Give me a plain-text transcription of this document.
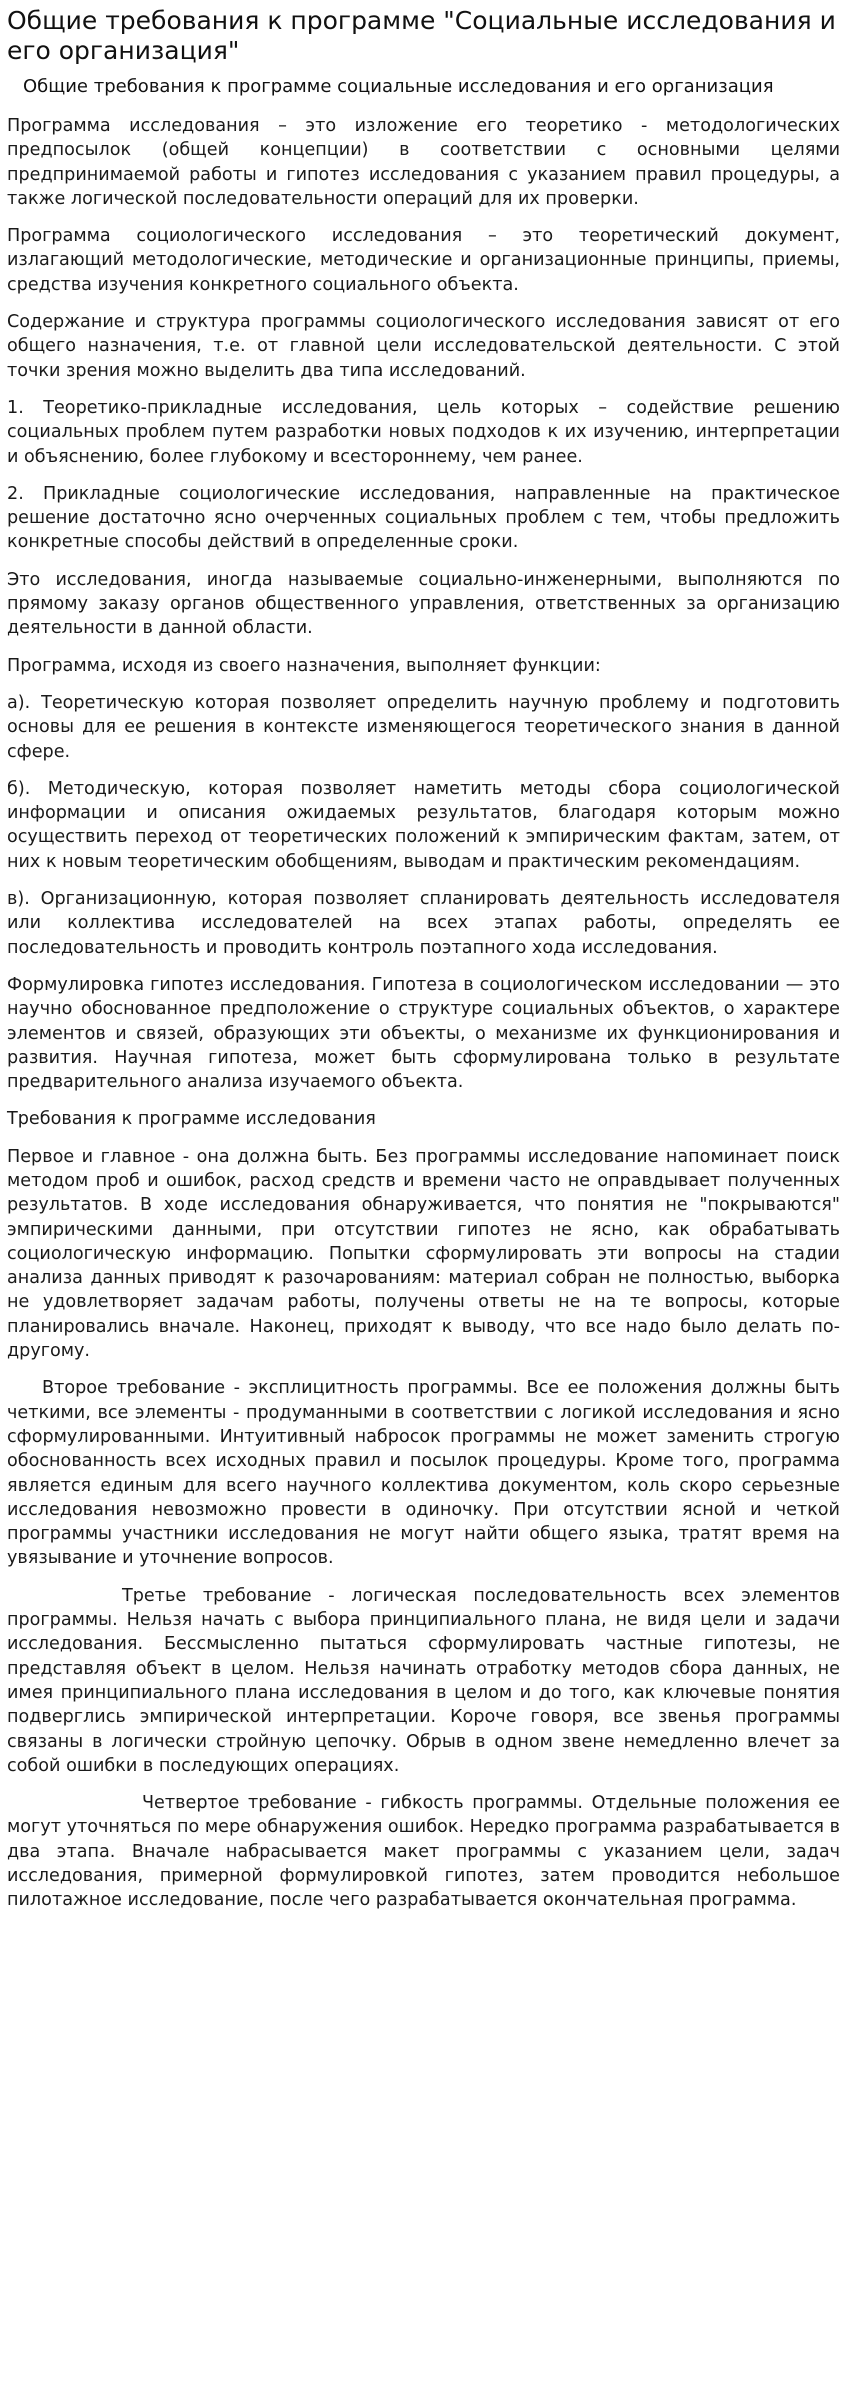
Общие требования к программе "Социальные исследования и его организация"
Общие требования к программе социальные исследования и его организация

Программа исследования – это изложение его теоретико - методологических предпосылок (общей концепции) в соответствии с основными целями предпринимаемой работы и гипотез исследования с указанием правил процедуры, а также логической последовательности операций для их проверки.

Программа социологического исследования – это теоретический документ, излагающий методологические, методические и организационные принципы, приемы, средства изучения конкретного социального объекта.

Содержание и структура программы социологического исследования зависят от его общего назначения, т.е. от главной цели исследовательской деятельности. С этой точки зрения можно выделить два типа исследований.

1. Теоретико-прикладные исследования, цель которых – содействие решению социальных проблем путем разработки новых подходов к их изучению, интерпретации и объяснению, более глубокому и всестороннему, чем ранее.

2. Прикладные социологические исследования, направленные на практическое решение достаточно ясно очерченных социальных проблем с тем, чтобы предложить конкретные способы действий в определенные сроки.

Это исследования, иногда называемые социально-инженерными, выполняются по прямому заказу органов общественного управления, ответственных за организацию деятельности в данной области.

Программа, исходя из своего назначения, выполняет функции:

а). Теоретическую которая позволяет определить научную проблему и подготовить основы для ее решения в контексте изменяющегося теоретического знания в данной сфере.

б). Методическую, которая позволяет наметить методы сбора социологической информации и описания ожидаемых результатов, благодаря которым можно осуществить переход от теоретических положений к эмпирическим фактам, затем, от них к новым теоретическим обобщениям, выводам и практическим рекомендациям.

в). Организационную, которая позволяет спланировать деятельность исследователя или коллектива исследователей на всех этапах работы, определять ее последовательность и проводить контроль поэтапного хода исследования.

Формулировка гипотез исследования. Гипотеза в социологическом исследовании — это научно обоснованное предположение о структуре социальных объектов, о характере элементов и связей, образующих эти объекты, о механизме их функционирования и развития. Научная гипотеза, может быть сформулирована только в результате предварительного анализа изучаемого объекта.

Требования к программе исследования

Первое и главное - она должна быть. Без программы исследование напоминает поиск методом проб и ошибок, расход средств и времени часто не оправдывает полученных результатов. В ходе исследования обнаруживается, что понятия не "покрываются" эмпирическими данными, при отсутствии гипотез не ясно, как обрабатывать социологическую информацию. Попытки сформулировать эти вопросы на стадии анализа данных приводят к разочарованиям: материал собран не полностью, выборка не удовлетворяет задачам работы, получены ответы не на те вопросы, которые планировались вначале. Наконец, приходят к выводу, что все надо было делать по-другому.

Второе требование - эксплицитность программы. Все ее положения должны быть четкими, все элементы - продуманными в соответствии с логикой исследования и ясно сформулированными. Интуитивный набросок программы не может заменить строгую обоснованность всех исходных правил и посылок процедуры. Кроме того, программа является единым для всего научного коллектива документом, коль скоро серьезные исследования невозможно провести в одиночку. При отсутствии ясной и четкой программы участники исследования не могут найти общего языка, тратят время на увязывание и уточнение вопросов.

Третье требование - логическая последовательность всех элементов программы. Нельзя начать с выбора принципиального плана, не видя цели и задачи исследования. Бессмысленно пытаться сформулировать частные гипотезы, не представляя объект в целом. Нельзя начинать отработку методов сбора данных, не имея принципиального плана исследования в целом и до того, как ключевые понятия подверглись эмпирической интерпретации. Короче говоря, все звенья программы связаны в логически стройную цепочку. Обрыв в одном звене немедленно влечет за собой ошибки в последующих операциях.

Четвертое требование - гибкость программы. Отдельные положения ее могут уточняться по мере обнаружения ошибок. Нередко программа разрабатывается в два этапа. Вначале набрасывается макет программы с указанием цели, задач исследования, примерной формулировкой гипотез, затем проводится небольшое пилотажное исследование, после чего разрабатывается окончательная программа.
